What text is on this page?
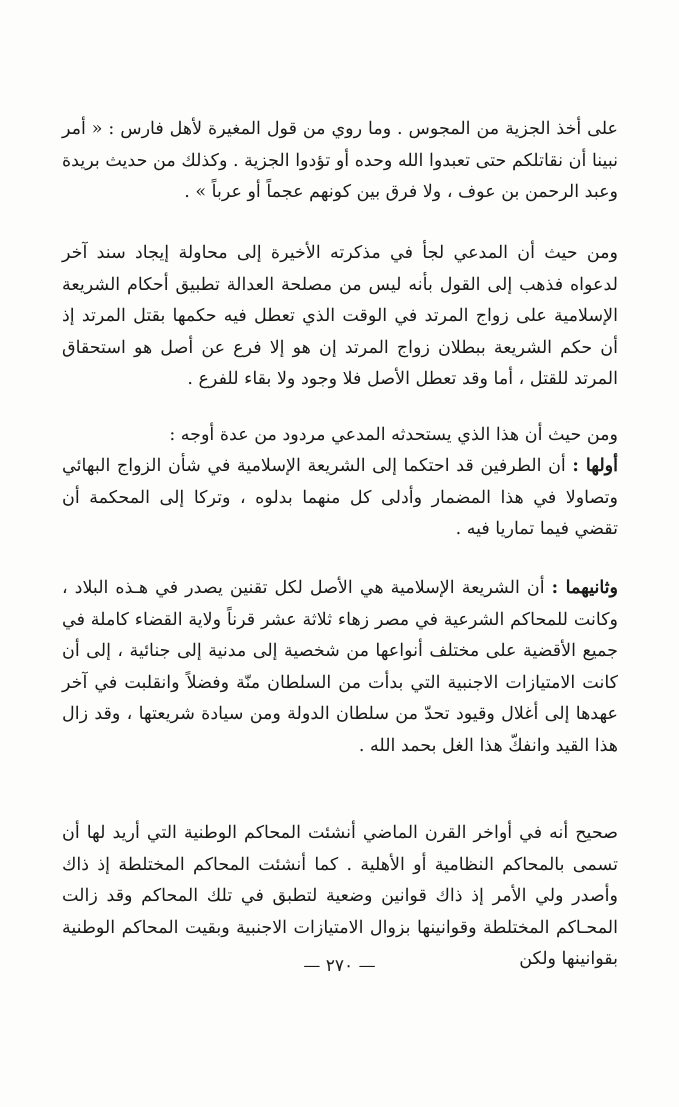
على أخذ الجزية من المجوس . وما روي من قول المغيرة لأهل فارس : « أمر نبينا أن نقاتلكم حتى تعبدوا الله وحده أو تؤدوا الجزية . وكذلك من حديث بريدة وعبد الرحمن بن عوف ، ولا فرق بين كونهم عجماً أو عرباً » .

ومن حيث أن المدعي لجأ في مذكرته الأخيرة إلى محاولة إيجاد سند آخر لدعواه فذهب إلى القول بأنه ليس من مصلحة العدالة تطبيق أحكام الشريعة الإسلامية على زواج المرتد في الوقت الذي تعطل فيه حكمها بقتل المرتد إذ أن حكم الشريعة ببطلان زواج المرتد إن هو إلا فرع عن أصل هو استحقاق المرتد للقتل ، أما وقد تعطل الأصل فلا وجود ولا بقاء للفرع .

ومن حيث أن هذا الذي يستحدثه المدعي مردود من عدة أوجه :

أولها : أن الطرفين قد احتكما إلى الشريعة الإسلامية في شأن الزواج البهائي وتصاولا في هذا المضمار وأدلى كل منهما بدلوه ، وتركا إلى المحكمة أن تقضي فيما تماريا فيه .

وثانيهما : أن الشريعة الإسلامية هي الأصل لكل تقنين يصدر في هـذه البلاد ، وكانت للمحاكم الشرعية في مصر زهاء ثلاثة عشر قرناً ولاية القضاء كاملة في جميع الأقضية على مختلف أنواعها من شخصية إلى مدنية إلى جنائية ، إلى أن كانت الامتيازات الاجنبية التي بدأت من السلطان منّة وفضلاً وانقلبت في آخر عهدها إلى أغلال وقيود تحدّ من سلطان الدولة ومن سيادة شريعتها ، وقد زال هذا القيد وانفكّ هذا الغل بحمد الله .

صحيح أنه في أواخر القرن الماضي أنشئت المحاكم الوطنية التي أريد لها أن تسمى بالمحاكم النظامية أو الأهلية . كما أنشئت المحاكم المختلطة إذ ذاك وأصدر ولي الأمر إذ ذاك قوانين وضعية لتطبق في تلك المحاكم وقد زالت المحـاكم المختلطة وقوانينها بزوال الامتيازات الاجنبية وبقيت المحاكم الوطنية بقوانينها ولكن

— ٢٧٠ —
